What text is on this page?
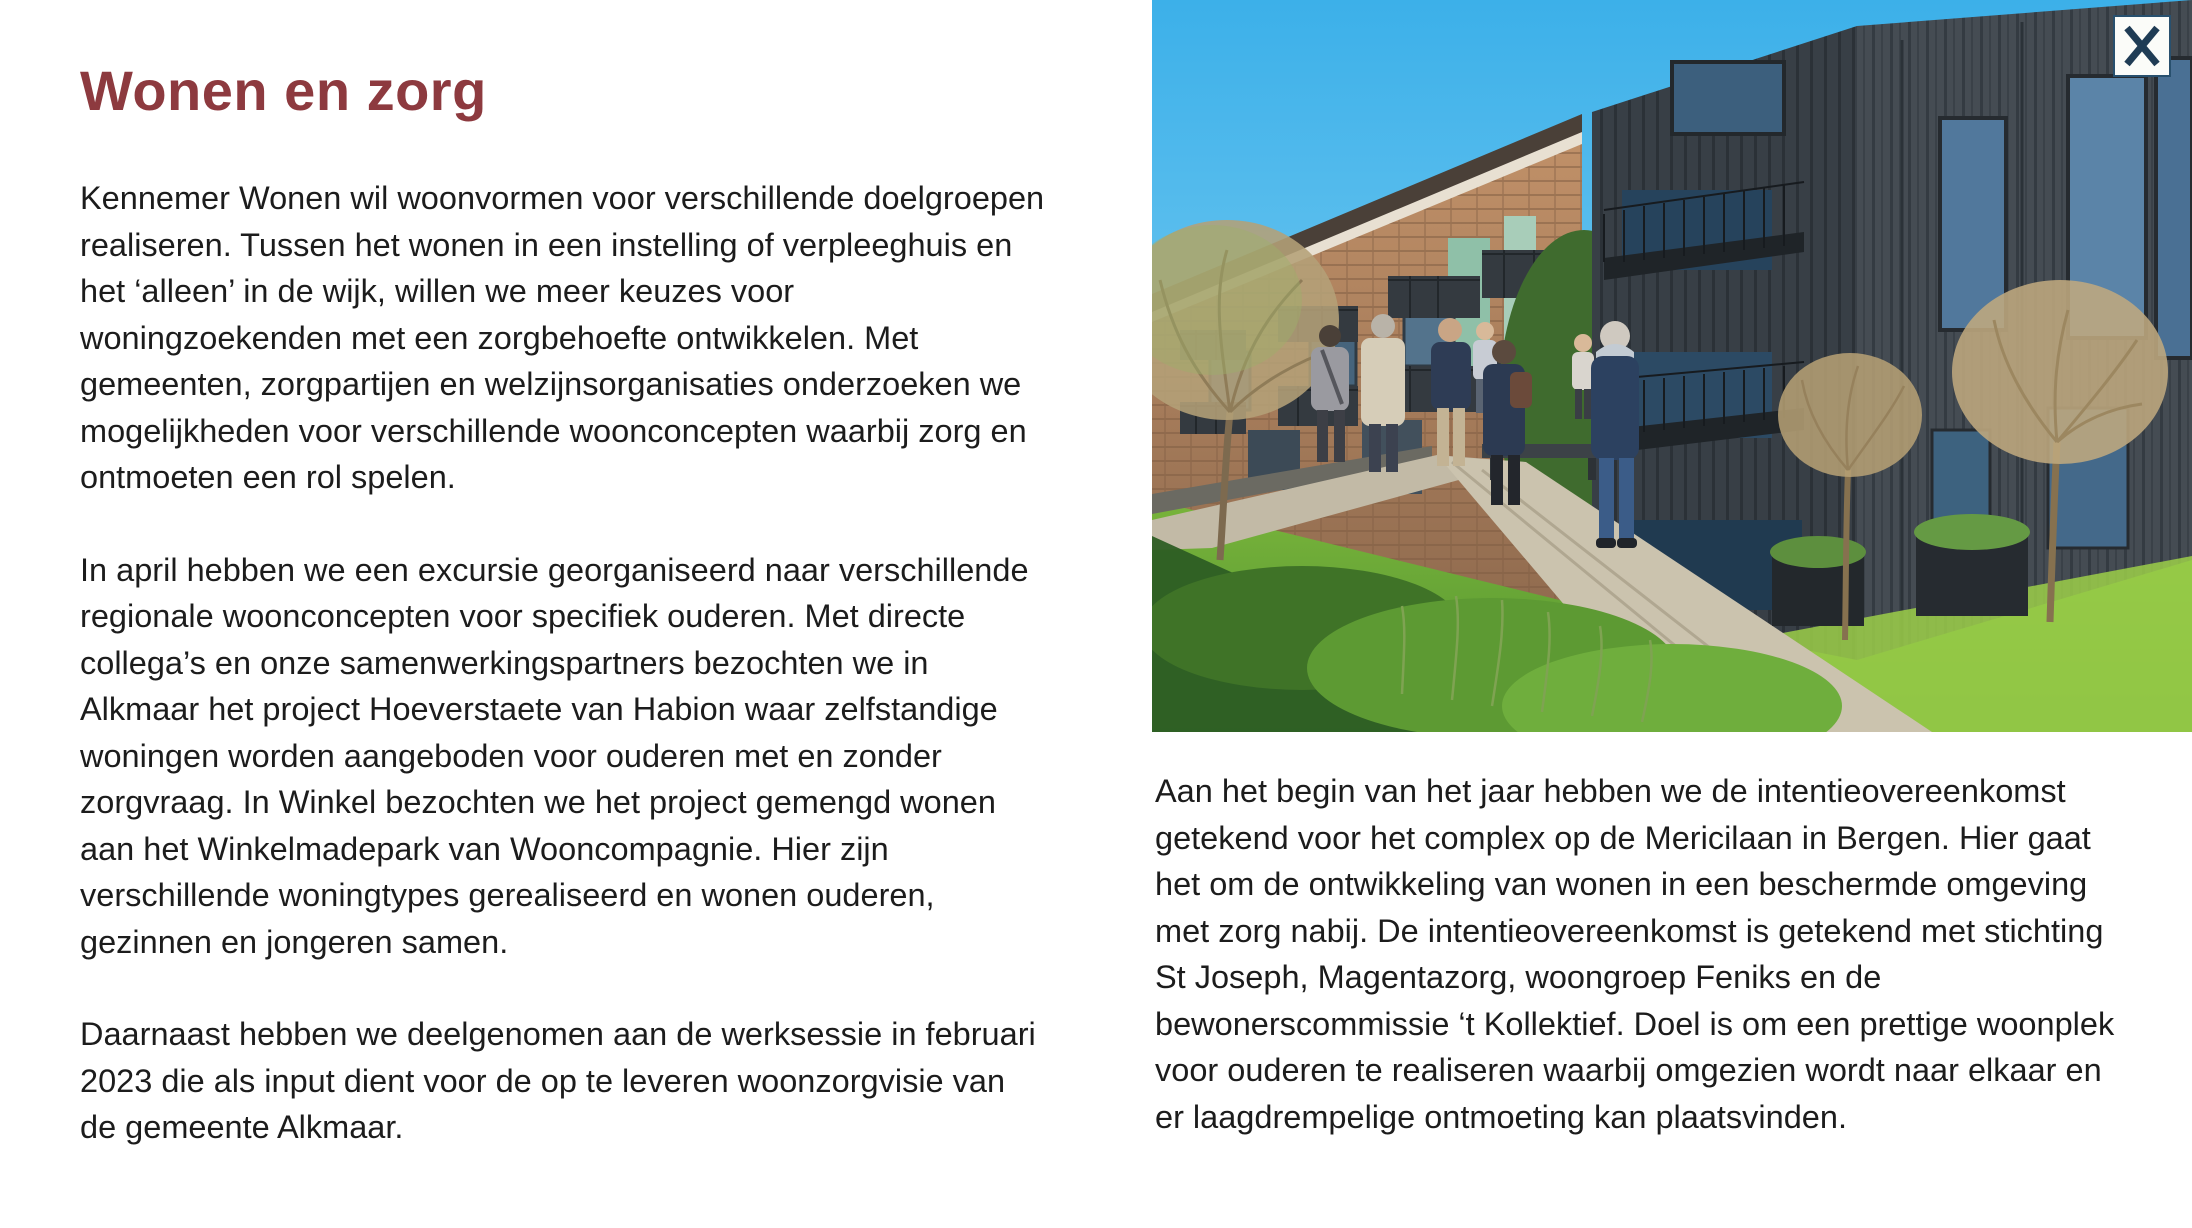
Wonen en zorg

Kennemer Wonen wil woonvormen voor verschillende doelgroepen realiseren. Tussen het wonen in een instelling of verpleeghuis en het ‘alleen’ in de wijk, willen we meer keuzes voor woningzoekenden met een zorgbehoefte ontwikkelen. Met gemeenten, zorgpartijen en welzijnsorganisaties onderzoeken we mogelijkheden voor verschillende woonconcepten waarbij zorg en ontmoeten een rol spelen.

In april hebben we een excursie georganiseerd naar verschillende regionale woonconcepten voor specifiek ouderen. Met directe collega’s en onze samenwerkingspartners bezochten we in Alkmaar het project Hoeverstaete van Habion waar zelfstandige woningen worden aangeboden voor ouderen met en zonder zorgvraag. In Winkel bezochten we het project gemengd wonen aan het Winkelmadepark van Wooncompagnie. Hier zijn verschillende woningtypes gerealiseerd en wonen ouderen, gezinnen en jongeren samen.

Daarnaast hebben we deelgenomen aan de werksessie in februari 2023 die als input dient voor de op te leveren woonzorgvisie van de gemeente Alkmaar.

Aan het begin van het jaar hebben we de intentieovereenkomst getekend voor het complex op de Mericilaan in Bergen. Hier gaat het om de ontwikkeling van wonen in een beschermde omgeving met zorg nabij. De intentieovereenkomst is getekend met stichting St Joseph, Magentazorg, woongroep Feniks en de bewonerscommissie ‘t Kollektief. Doel is om een prettige woonplek voor ouderen te realiseren waarbij omgezien wordt naar elkaar en er laagdrempelige ontmoeting kan plaatsvinden.
